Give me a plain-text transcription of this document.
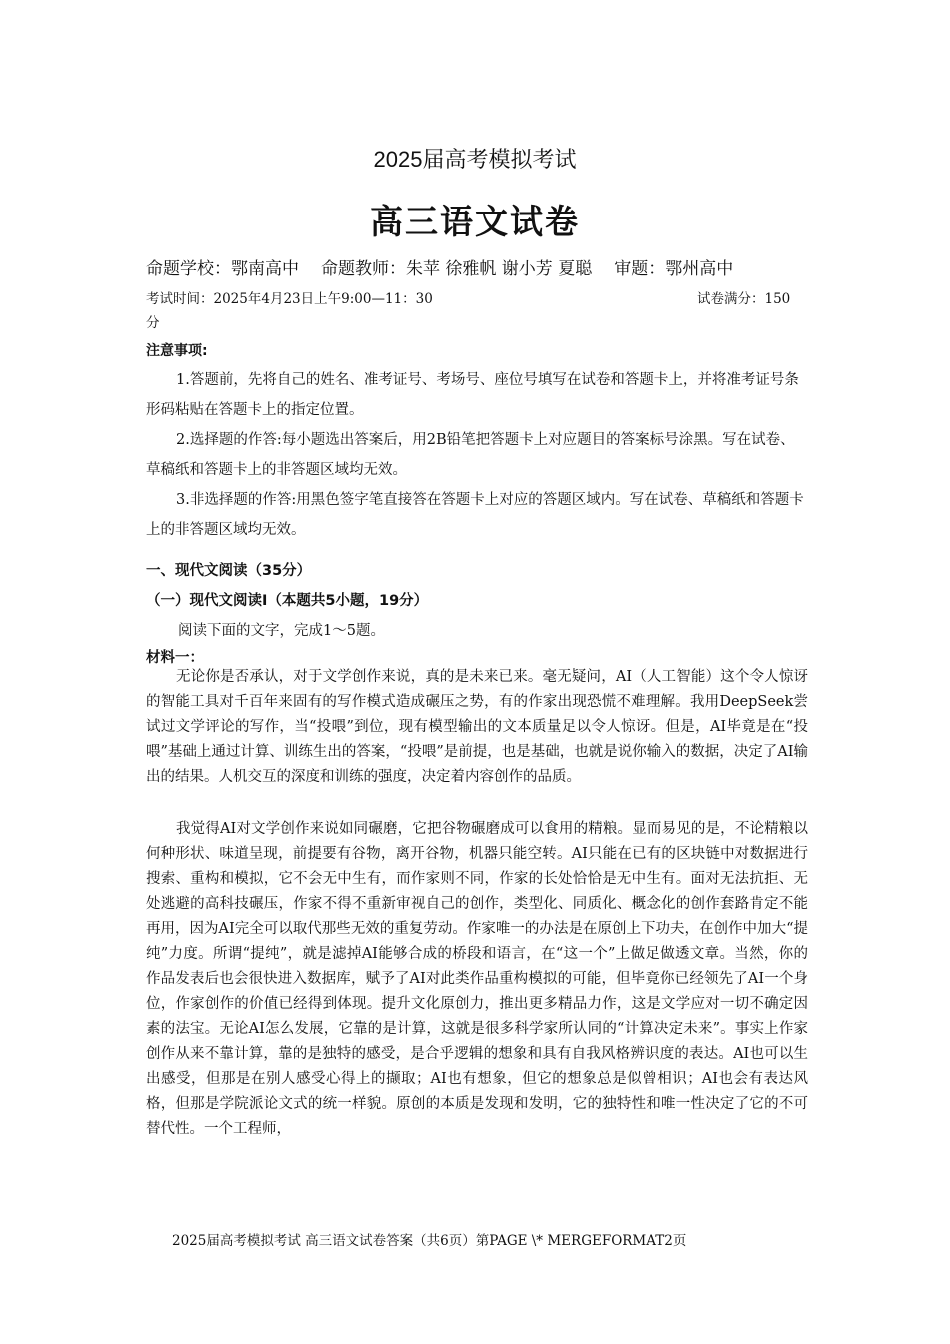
2025届高考模拟考试
高三语文试卷
命题学校：鄂南高中 命题教师：朱苹 徐雅帆 谢小芳 夏聪 审题：鄂州高中
考试时间：2025年4月23日上午9:00—11：30	试卷满分：150
分
注意事项:
1.答题前，先将自己的姓名、准考证号、考场号、座位号填写在试卷和答题卡上，并将准考证号条形码粘贴在答题卡上的指定位置。
2.选择题的作答:每小题选出答案后，用2B铅笔把答题卡上对应题目的答案标号涂黑。写在试卷、草稿纸和答题卡上的非答题区域均无效。
3.非选择题的作答:用黑色签字笔直接答在答题卡上对应的答题区域内。写在试卷、草稿纸和答题卡上的非答题区域均无效。
一、现代文阅读（35分）
（一）现代文阅读Ⅰ（本题共5小题，19分）
阅读下面的文字，完成1～5题。
材料一：

无论你是否承认，对于文学创作来说，真的是未来已来。毫无疑问，AI（人工智能）这个令人惊讶的智能工具对千百年来固有的写作模式造成碾压之势，有的作家出现恐慌不难理解。我用DeepSeek尝试过文学评论的写作，当“投喂”到位，现有模型输出的文本质量足以令人惊讶。但是，AI毕竟是在“投喂”基础上通过计算、训练生出的答案，“投喂”是前提，也是基础，也就是说你输入的数据，决定了AI输出的结果。人机交互的深度和训练的强度，决定着内容创作的品质。

我觉得AI对文学创作来说如同碾磨，它把谷物碾磨成可以食用的精粮。显而易见的是，不论精粮以何种形状、味道呈现，前提要有谷物，离开谷物，机器只能空转。AI只能在已有的区块链中对数据进行搜索、重构和模拟，它不会无中生有，而作家则不同，作家的长处恰恰是无中生有。面对无法抗拒、无处逃避的高科技碾压，作家不得不重新审视自己的创作，类型化、同质化、概念化的创作套路肯定不能再用，因为AI完全可以取代那些无效的重复劳动。作家唯一的办法是在原创上下功夫，在创作中加大“提纯”力度。所谓“提纯”，就是滤掉AI能够合成的桥段和语言，在“这一个”上做足做透文章。当然，你的作品发表后也会很快进入数据库，赋予了AI对此类作品重构模拟的可能，但毕竟你已经领先了AI一个身位，作家创作的价值已经得到体现。提升文化原创力，推出更多精品力作，这是文学应对一切不确定因素的法宝。无论AI怎么发展，它靠的是计算，这就是很多科学家所认同的“计算决定未来”。事实上作家创作从来不靠计算，靠的是独特的感受，是合乎逻辑的想象和具有自我风格辨识度的表达。AI也可以生出感受，但那是在别人感受心得上的撷取；AI也有想象，但它的想象总是似曾相识；AI也会有表达风格，但那是学院派论文式的统一样貌。原创的本质是发现和发明，它的独特性和唯一性决定了它的不可替代性。一个工程师，

2025届高考模拟考试 高三语文试卷答案（共6页）第PAGE \* MERGEFORMAT2页
